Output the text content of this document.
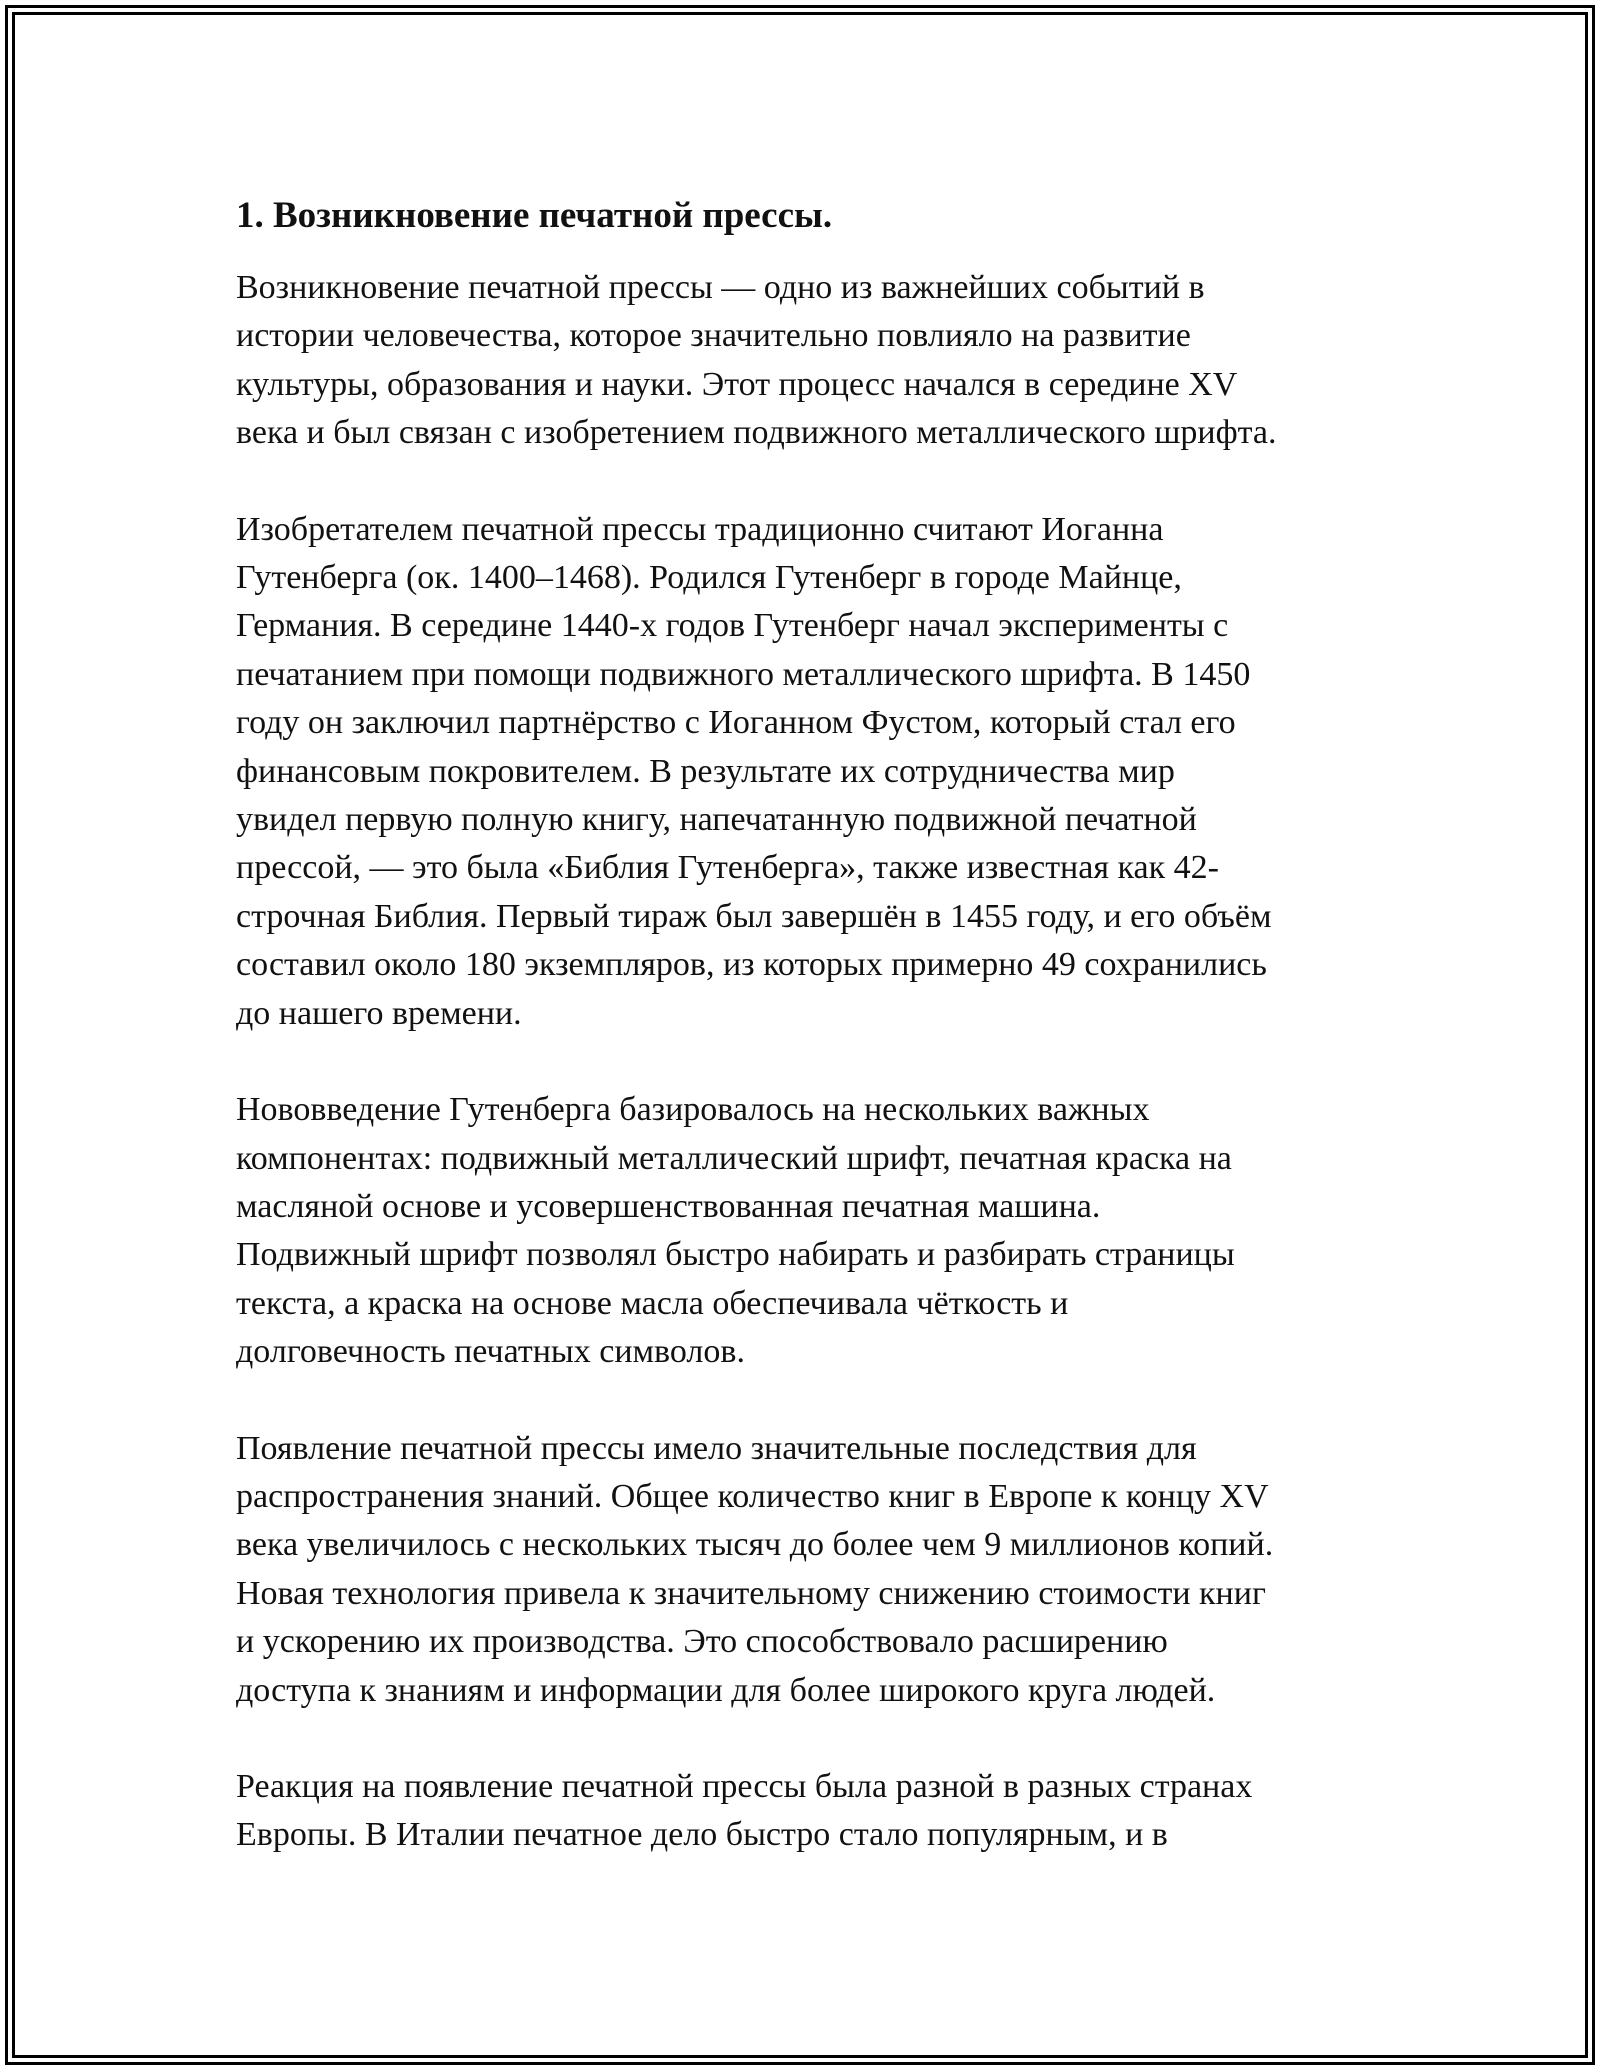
1. Возникновение печатной прессы.

Возникновение печатной прессы — одно из важнейших событий в
истории человечества, которое значительно повлияло на развитие
культуры, образования и науки. Этот процесс начался в середине XV
века и был связан с изобретением подвижного металлического шрифта.

Изобретателем печатной прессы традиционно считают Иоганна
Гутенберга (ок. 1400–1468). Родился Гутенберг в городе Майнце,
Германия. В середине 1440-х годов Гутенберг начал эксперименты с
печатанием при помощи подвижного металлического шрифта. В 1450
году он заключил партнёрство с Иоганном Фустом, который стал его
финансовым покровителем. В результате их сотрудничества мир
увидел первую полную книгу, напечатанную подвижной печатной
прессой, — это была «Библия Гутенберга», также известная как 42-
строчная Библия. Первый тираж был завершён в 1455 году, и его объём
составил около 180 экземпляров, из которых примерно 49 сохранились
до нашего времени.

Нововведение Гутенберга базировалось на нескольких важных
компонентах: подвижный металлический шрифт, печатная краска на
масляной основе и усовершенствованная печатная машина.
Подвижный шрифт позволял быстро набирать и разбирать страницы
текста, а краска на основе масла обеспечивала чёткость и
долговечность печатных символов.

Появление печатной прессы имело значительные последствия для
распространения знаний. Общее количество книг в Европе к концу XV
века увеличилось с нескольких тысяч до более чем 9 миллионов копий.
Новая технология привела к значительному снижению стоимости книг
и ускорению их производства. Это способствовало расширению
доступа к знаниям и информации для более широкого круга людей.

Реакция на появление печатной прессы была разной в разных странах
Европы. В Италии печатное дело быстро стало популярным, и в
